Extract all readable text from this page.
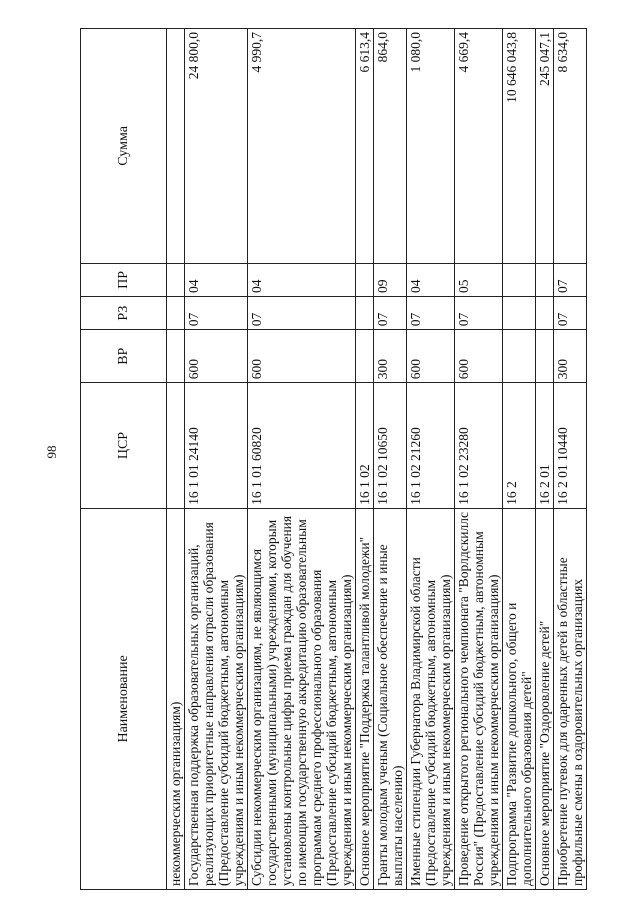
98
Наименование	ЦСР	ВР	РЗ	ПР	Сумма
некоммерческим организациям)					
Государственная поддержка образовательных организаций, реализующих приоритетные направления отрасли образования (Предоставление субсидий бюджетным, автономным учреждениям и иным некоммерческим организациям)	16 1 01 24140	600	07	04	24 800,0
Субсидии некоммерческим организациям, не являющимся государственными (муниципальными) учреждениями, которым установлены контрольные цифры приема граждан для обучения по имеющим государственную аккредитацию образовательным программам среднего профессионального образования (Предоставление субсидий бюджетным, автономным учреждениям и иным некоммерческим организациям)	16 1 01 60820	600	07	04	4 990,7
Основное мероприятие "Поддержка талантливой молодежи"	16 1 02				6 613,4
Гранты молодым ученым (Социальное обеспечение и иные выплаты населению)	16 1 02 10650	300	07	09	864,0
Именные стипендии Губернатора Владимирской области (Предоставление субсидий бюджетным, автономным учреждениям и иным некоммерческим организациям)	16 1 02 21260	600	07	04	1 080,0
Проведение открытого регионального чемпионата "Ворлдскиллс Россия" (Предоставление субсидий бюджетным, автономным учреждениям и иным некоммерческим организациям)	16 1 02 23280	600	07	05	4 669,4
Подпрограмма "Развитие дошкольного, общего и дополнительного образования детей"	16 2				10 646 043,8
Основное мероприятие "Оздоровление детей"	16 2 01				245 047,1
Приобретение путевок для одаренных детей в областные профильные смены в оздоровительных организациях	16 2 01 10440	300	07	07	8 634,0
